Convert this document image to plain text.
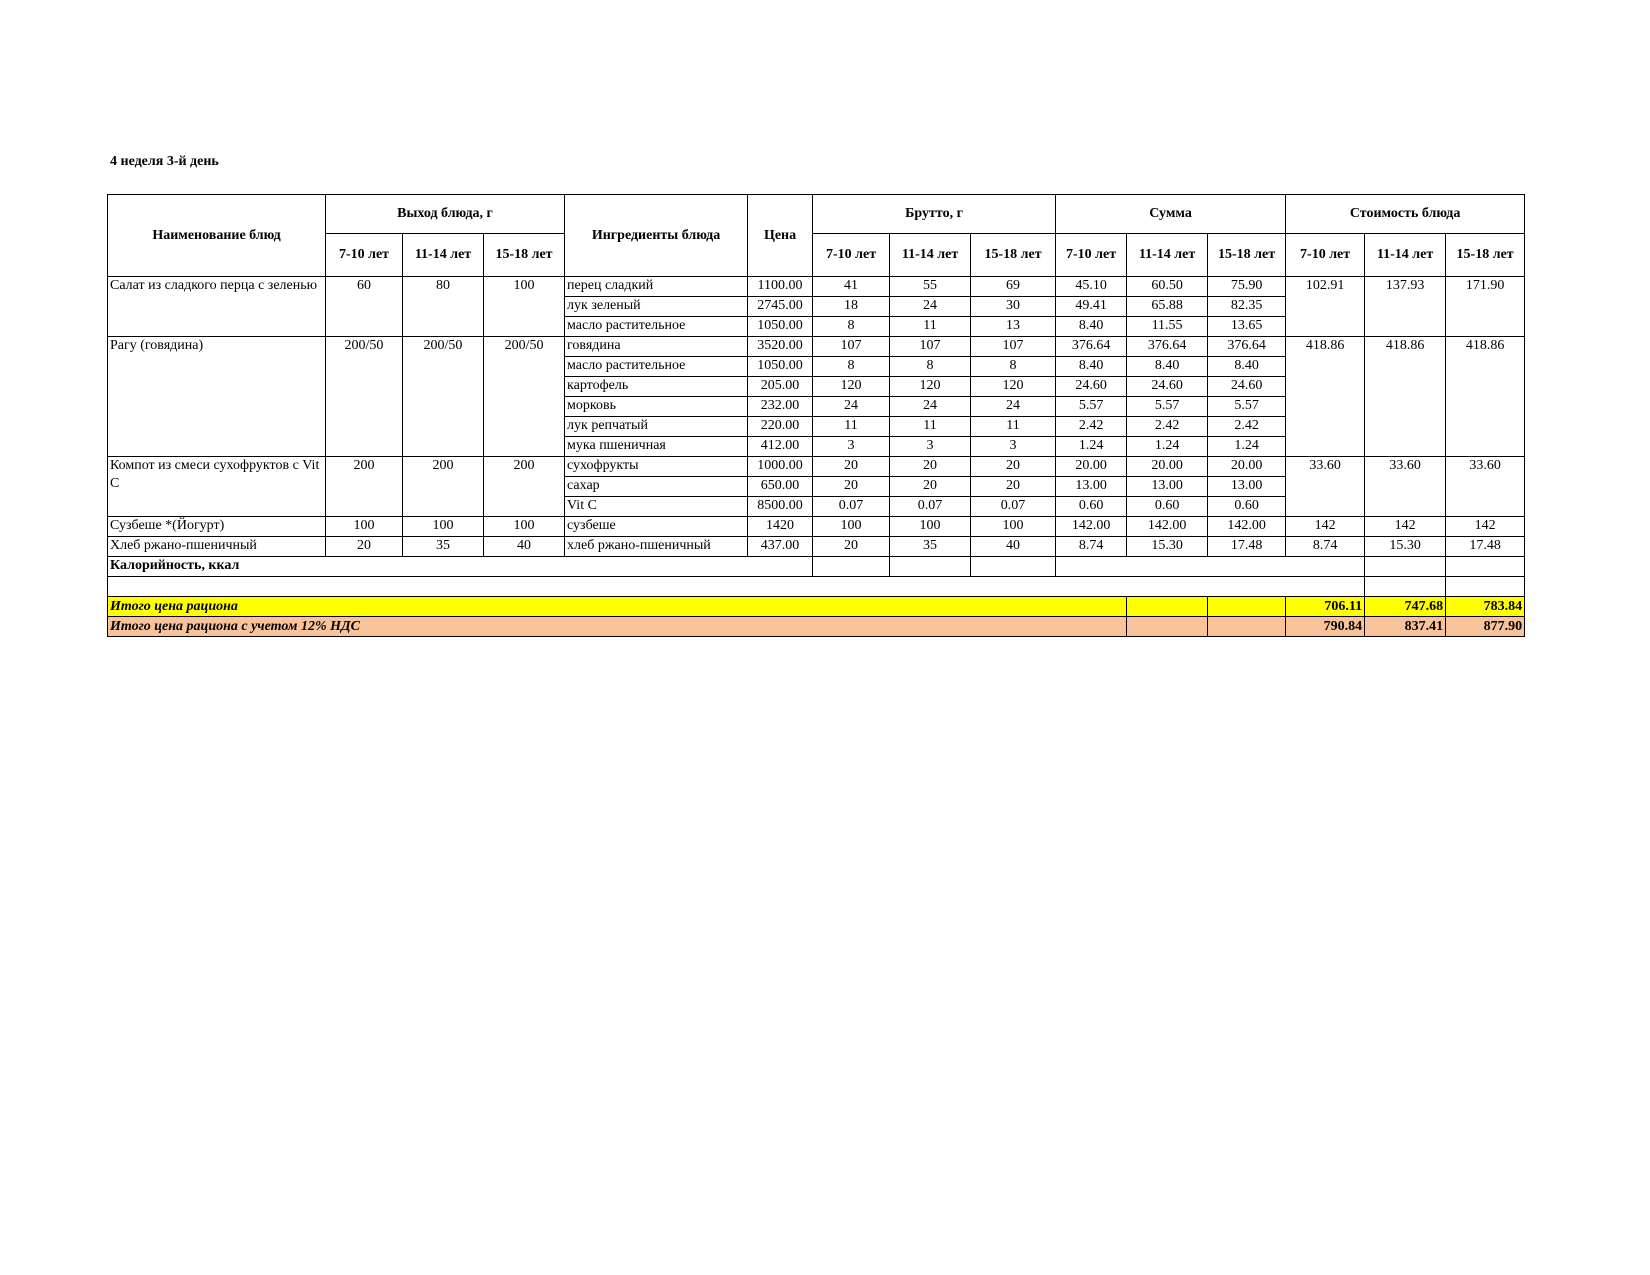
4 неделя 3-й день
Наименование блюд	Выход блюда, г			Ингредиенты блюда	Цена	Брутто, г			Сумма			Стоимость блюда		
	7-10 лет	11-14 лет	15-18 лет			7-10 лет	11-14 лет	15-18 лет	7-10 лет	11-14 лет	15-18 лет	7-10 лет	11-14 лет	15-18 лет
Салат из сладкого перца с зеленью	60	80	100	перец сладкий	1100.00	41	55	69	45.10	60.50	75.90	102.91	137.93	171.90
				лук зеленый	2745.00	18	24	30	49.41	65.88	82.35			
				масло растительное	1050.00	8	11	13	8.40	11.55	13.65			
Рагу (говядина)	200/50	200/50	200/50	говядина	3520.00	107	107	107	376.64	376.64	376.64	418.86	418.86	418.86
				масло растительное	1050.00	8	8	8	8.40	8.40	8.40			
				картофель	205.00	120	120	120	24.60	24.60	24.60			
				морковь	232.00	24	24	24	5.57	5.57	5.57			
				лук репчатый	220.00	11	11	11	2.42	2.42	2.42			
				мука пшеничная	412.00	3	3	3	1.24	1.24	1.24			
Компот из смеси сухофруктов с Vit C	200	200	200	сухофрукты	1000.00	20	20	20	20.00	20.00	20.00	33.60	33.60	33.60
				сахар	650.00	20	20	20	13.00	13.00	13.00			
				Vit C	8500.00	0.07	0.07	0.07	0.60	0.60	0.60			
Сузбеше *(Йогурт)	100	100	100	сузбеше	1420	100	100	100	142.00	142.00	142.00	142	142	142
Хлеб ржано-пшеничный	20	35	40	хлеб ржано-пшеничный	437.00	20	35	40	8.74	15.30	17.48	8.74	15.30	17.48
Калорийность, ккал														

Итого цена рациона												706.11	747.68	783.84
Итого цена рациона с учетом 12% НДС												790.84	837.41	877.90
